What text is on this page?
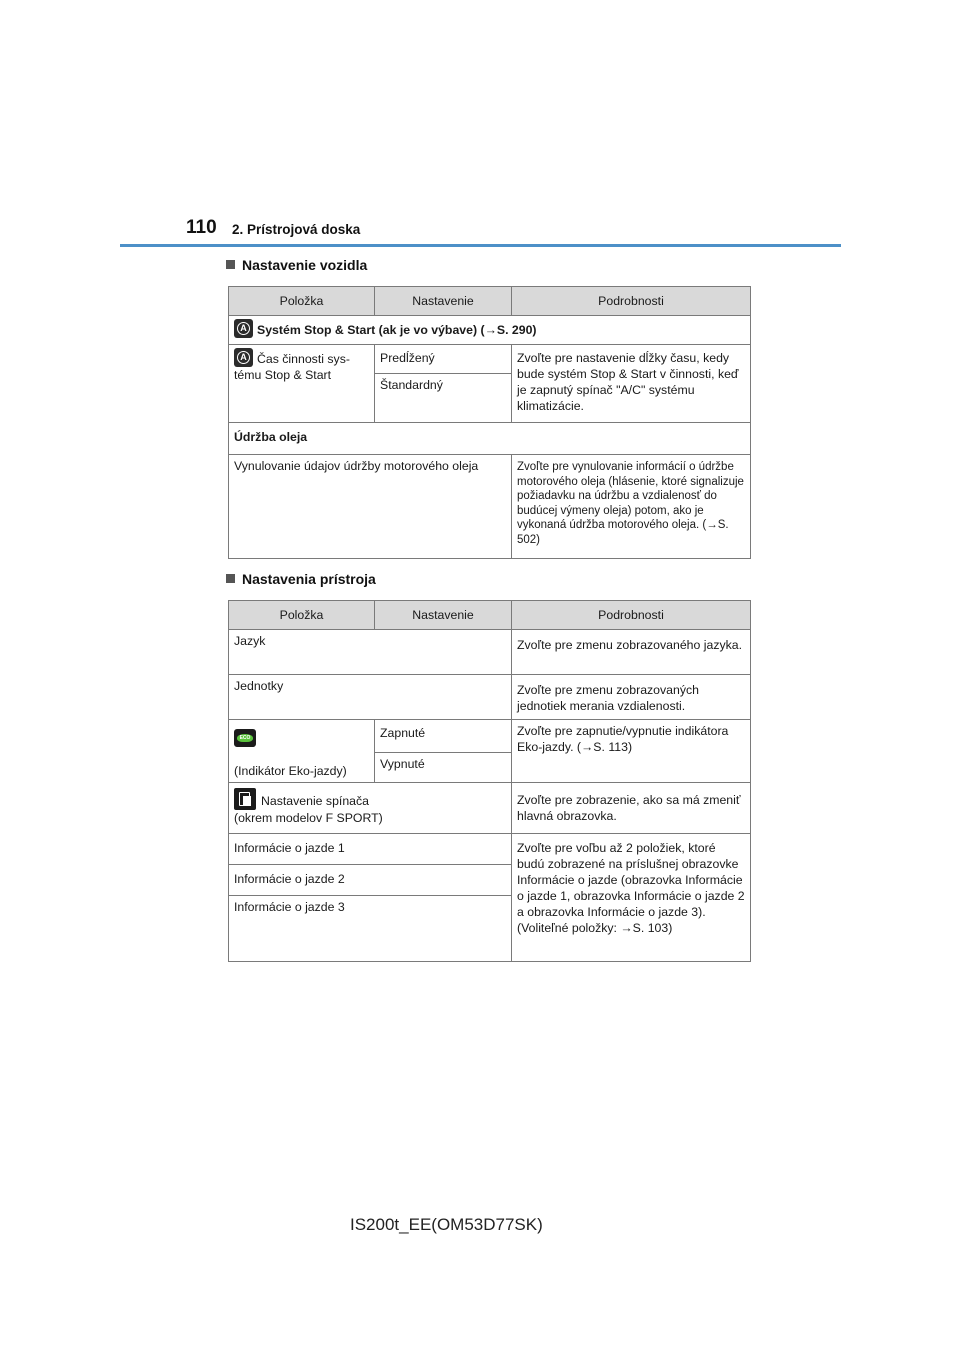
110 2. Prístrojová doska
Nastavenie vozidla
Položka	Nastavenie	Podrobnosti

A Systém Stop & Start (ak je vo výbave) (→S. 290)		

A Čas činnosti sys-
tému Stop & Start	Predĺžený	Zvoľte pre nastavenie dĺžky času, kedy bude systém Stop & Start v činnosti, keď je zapnutý spínač "A/C" systému klimatizácie.
	Štandardný	
Údržba oleja		
Vynulovanie údajov údržby motorového oleja		Zvoľte pre vynulovanie informácií o údržbe motorového oleja (hlásenie, ktoré signalizuje požiadavku na údržbu a vzdialenosť do budúcej výmeny oleja) potom, ako je vykonaná údržba motorového oleja. (→S. 502)
Nastavenia prístroja
Položka	Nastavenie	Podrobnosti
Jazyk		Zvoľte pre zmenu zobrazovaného jazyka.
Jednotky		Zvoľte pre zmenu zobrazovaných jednotiek merania vzdialenosti.

ECO

(Indikátor Eko-jazdy)	Zapnuté	Zvoľte pre zapnutie/vypnutie indikátora Eko-jazdy. (→S. 113)
	Vypnuté	
Nastavenie spínača
(okrem modelov F SPORT)		Zvoľte pre zobrazenie, ako sa má zmeniť hlavná obrazovka.
Informácie o jazde 1		Zvoľte pre voľbu až 2 položiek, ktoré budú zobrazené na príslušnej obrazovke Informácie o jazde (obrazovka Informácie o jazde 1, obrazovka Informácie o jazde 2 a obrazovka Informácie o jazde 3).
(Voliteľné položky: →S. 103)
Informácie o jazde 2		
Informácie o jazde 3		
IS200t_EE(OM53D77SK)
